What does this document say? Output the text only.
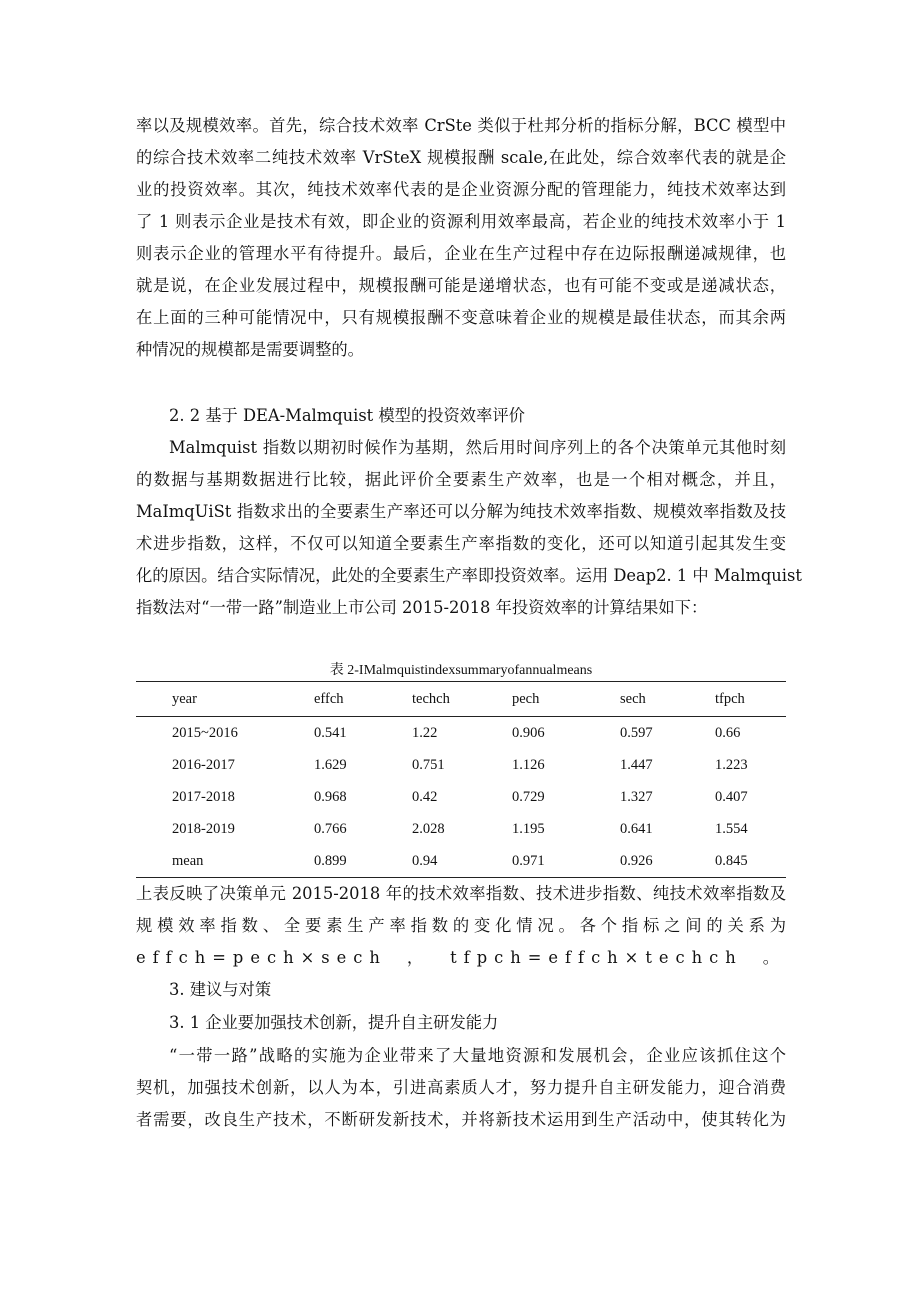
率以及规模效率。首先，综合技术效率 CrSte 类似于杜邦分析的指标分解，BCC 模型中
的综合技术效率二纯技术效率 VrSteX 规模报酬 scale,在此处，综合效率代表的就是企
业的投资效率。其次，纯技术效率代表的是企业资源分配的管理能力，纯技术效率达到
了 1 则表示企业是技术有效，即企业的资源利用效率最高，若企业的纯技术效率小于 1
则表示企业的管理水平有待提升。最后，企业在生产过程中存在边际报酬递减规律，也
就是说，在企业发展过程中，规模报酬可能是递增状态，也有可能不变或是递减状态，
在上面的三种可能情况中，只有规模报酬不变意味着企业的规模是最佳状态，而其余两
种情况的规模都是需要调整的。
2. 2 基于 DEA-Malmquist 模型的投资效率评价
Malmquist 指数以期初时候作为基期，然后用时间序列上的各个决策单元其他时刻
的数据与基期数据进行比较，据此评价全要素生产效率，也是一个相对概念，并且，
MaImqUiSt 指数求出的全要素生产率还可以分解为纯技术效率指数、规模效率指数及技
术进步指数，这样，不仅可以知道全要素生产率指数的变化，还可以知道引起其发生变
化的原因。结合实际情况，此处的全要素生产率即投资效率。运用 Deap2. 1 中 Malmquist
指数法对“一带一路”制造业上市公司 2015-2018 年投资效率的计算结果如下：
表 2-IMalmquistindexsummaryofannualmeans
year	effch	techch	pech	sech	tfpch
2015~2016	0.541	1.22	0.906	0.597	0.66
2016-2017	1.629	0.751	1.126	1.447	1.223
2017-2018	0.968	0.42	0.729	1.327	0.407
2018-2019	0.766	2.028	1.195	0.641	1.554
mean	0.899	0.94	0.971	0.926	0.845
上表反映了决策单元 2015-2018 年的技术效率指数、技术进步指数、纯技术效率指数及
规模效率指数、全要素生产率指数的变化情况。各个指标之间的关系为
effch=pech×sech，tfpch=effch×techch。
3. 建议与对策
3. 1 企业要加强技术创新，提升自主研发能力
“一带一路”战略的实施为企业带来了大量地资源和发展机会，企业应该抓住这个
契机，加强技术创新，以人为本，引进高素质人才，努力提升自主研发能力，迎合消费
者需要，改良生产技术，不断研发新技术，并将新技术运用到生产活动中，使其转化为
